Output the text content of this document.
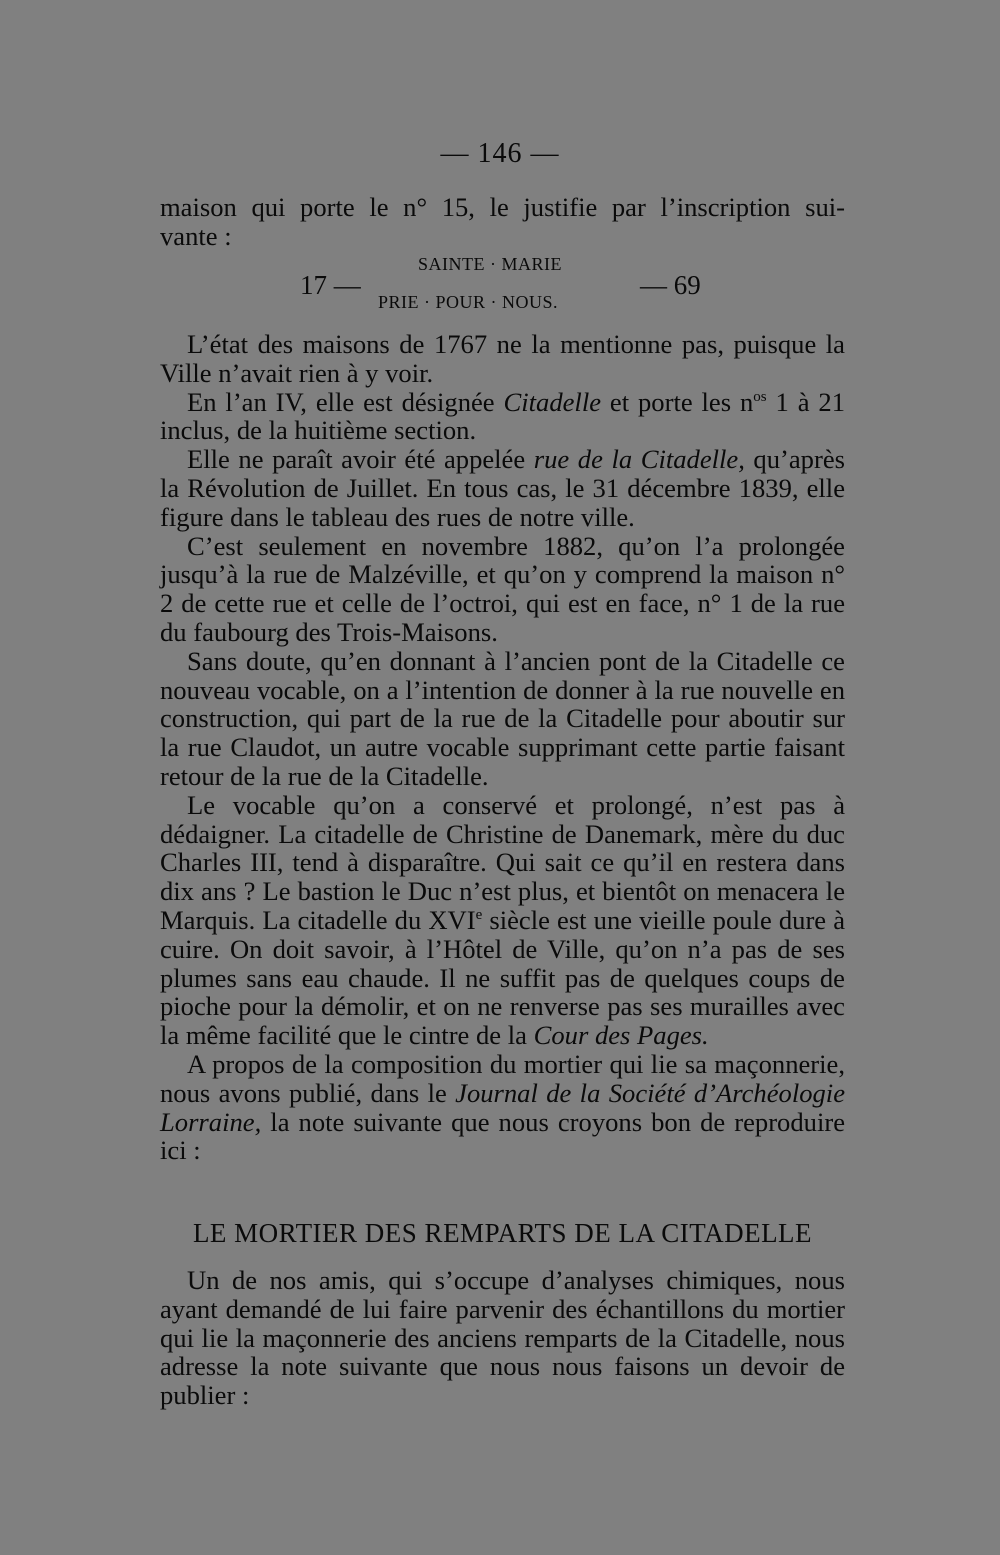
— 146 —

maison qui porte le n° 15, le justifie par l’inscription sui-

vante :

17 —
SAINTE · MARIE
PRIE · POUR · NOUS.
— 69

L’état des maisons de 1767 ne la mentionne pas, puisque la Ville n’avait rien à y voir.

En l’an IV, elle est désignée Citadelle et porte les $n^{os}$ 1 à 21 inclus, de la huitième section.

Elle ne paraît avoir été appelée rue de la Citadelle, qu’après la Révolution de Juillet. En tous cas, le 31 décembre 1839, elle figure dans le tableau des rues de notre ville.

C’est seulement en novembre 1882, qu’on l’a prolongée jusqu’à la rue de Malzéville, et qu’on y comprend la maison n° 2 de cette rue et celle de l’octroi, qui est en face, n° 1 de la rue du faubourg des Trois-Maisons.

Sans doute, qu’en donnant à l’ancien pont de la Citadelle ce nouveau vocable, on a l’intention de donner à la rue nouvelle en construction, qui part de la rue de la Citadelle pour aboutir sur la rue Claudot, un autre vocable supprimant cette partie faisant retour de la rue de la Citadelle.

Le vocable qu’on a conservé et prolongé, n’est pas à dédaigner. La citadelle de Christine de Danemark, mère du duc Charles III, tend à disparaître. Qui sait ce qu’il en restera dans dix ans ? Le bastion le Duc n’est plus, et bientôt on menacera le Marquis. La citadelle du XVIe siècle est une vieille poule dure à cuire. On doit savoir, à l’Hôtel de Ville, qu’on n’a pas de ses plumes sans eau chaude. Il ne suffit pas de quelques coups de pioche pour la démolir, et on ne renverse pas ses murailles avec la même facilité que le cintre de la Cour des Pages.

A propos de la composition du mortier qui lie sa maçonnerie, nous avons publié, dans le Journal de la Société d’Archéologie Lorraine, la note suivante que nous croyons bon de reproduire ici :

LE MORTIER DES REMPARTS DE LA CITADELLE

Un de nos amis, qui s’occupe d’analyses chimiques, nous ayant demandé de lui faire parvenir des échantillons du mortier qui lie la maçonnerie des anciens remparts de la Citadelle, nous adresse la note suivante que nous nous faisons un devoir de publier :
